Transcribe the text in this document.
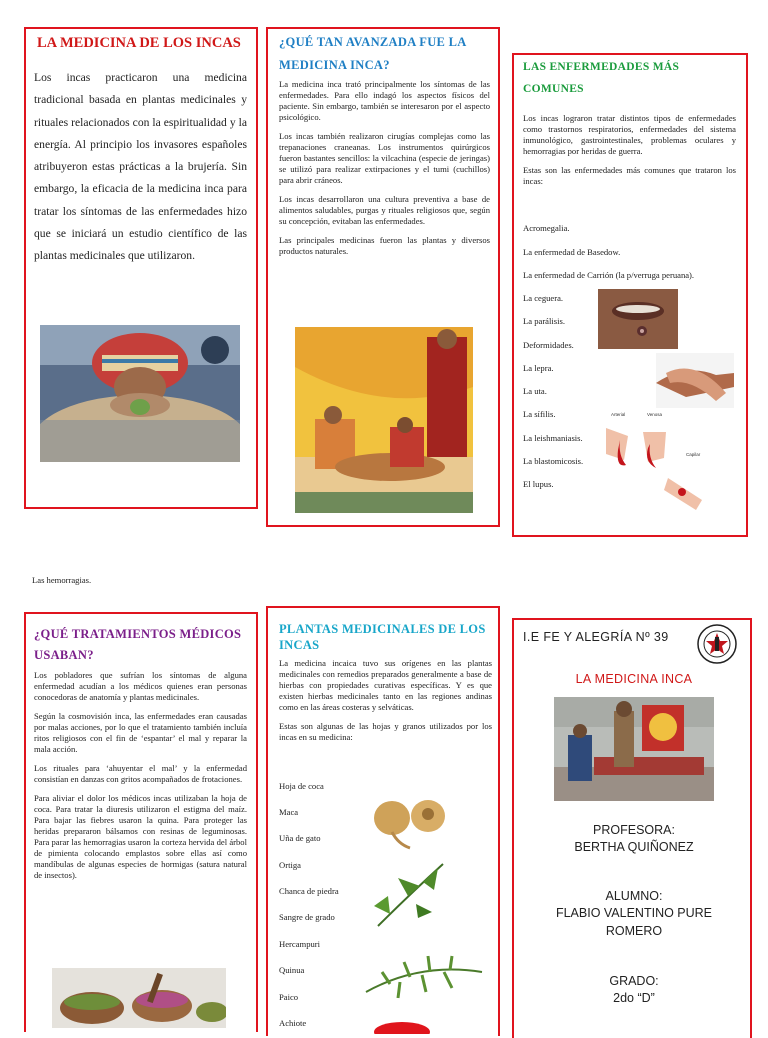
LA MEDICINA DE LOS INCAS

Los incas practicaron una medicina tradicional basada en plantas medicinales y rituales relacionados con la espiritualidad y la energía. Al principio los invasores españoles atribuyeron estas prácticas a la brujería. Sin embargo, la eficacia de la medicina inca para tratar los síntomas de las enfermedades hizo que se iniciará un estudio científico de las plantas medicinales que utilizaron.

¿QUÉ TAN AVANZADA FUE LA MEDICINA INCA?

La medicina inca trató principalmente los síntomas de las enfermedades. Para ello indagó los aspectos físicos del paciente. Sin embargo, también se interesaron por el aspecto psicológico.

Los incas también realizaron cirugías complejas como las trepanaciones craneanas. Los instrumentos quirúrgicos fueron bastantes sencillos: la vilcachina (especie de jeringas) se utilizó para realizar extirpaciones y el tumi (cuchillos) para abrir cráneos.

Los incas desarrollaron una cultura preventiva a base de alimentos saludables, purgas y rituales religiosos que, según su concepción, evitaban las enfermedades.

Las principales medicinas fueron las plantas y diversos productos naturales.

LAS ENFERMEDADES MÁS COMUNES

Los incas lograron tratar distintos tipos de enfermedades como trastornos respiratorios, enfermedades del sistema inmunológico, gastrointestinales, problemas oculares y hemorragias por heridas de guerra.

Estas son las enfermedades más comunes que trataron los incas:

Acromegalia.
La enfermedad de Basedow.
La enfermedad de Carrión (la p/verruga peruana).
La ceguera.
La parálisis.
Deformidades.
La lepra.
La uta.
La sífilis.
La leishmaniasis.
La blastomicosis.
El lupus.
Arterial	Venosa
Capilar
Las hemorragias.
¿QUÉ TRATAMIENTOS MÉDICOS USABAN?

Los pobladores que sufrían los síntomas de alguna enfermedad acudían a los médicos quienes eran personas conocedoras de anatomía y plantas medicinales.

Según la cosmovisión inca, las enfermedades eran causadas por malas acciones, por lo que el tratamiento también incluía ritos religiosos con el fin de ‘espantar’ el mal y reparar la mala acción.

Los rituales para ‘ahuyentar el mal’ y la enfermedad consistían en danzas con gritos acompañados de frotaciones.

Para aliviar el dolor los médicos incas utilizaban la hoja de coca. Para tratar la diuresis utilizaron el estigma del maíz. Para bajar las fiebres usaron la quina. Para proteger las heridas prepararon bálsamos con resinas de leguminosas. Para parar las hemorragias usaron la corteza hervida del árbol de pimienta colocando emplastos sobre ellas así como mandíbulas de algunas especies de hormigas (satura natural de insectos).

PLANTAS MEDICINALES DE LOS INCAS

La medicina incaica tuvo sus orígenes en las plantas medicinales con remedios preparados generalmente a base de hierbas con propiedades curativas específicas. Y es que existen hierbas medicinales tanto en las regiones andinas como en las áreas costeras y selváticas.

Estas son algunas de las hojas y granos utilizados por los incas en su medicina:

Hoja de coca
Maca
Uña de gato
Ortiga
Chanca de piedra
Sangre de grado
Hercampuri
Quinua
Paico
Achiote
I.E FE Y ALEGRÍA Nº 39
LA MEDICINA INCA
PROFESORA:
BERTHA QUIÑONEZ
ALUMNO:
FLABIO VALENTINO PURE
ROMERO
GRADO:
2do “D”
